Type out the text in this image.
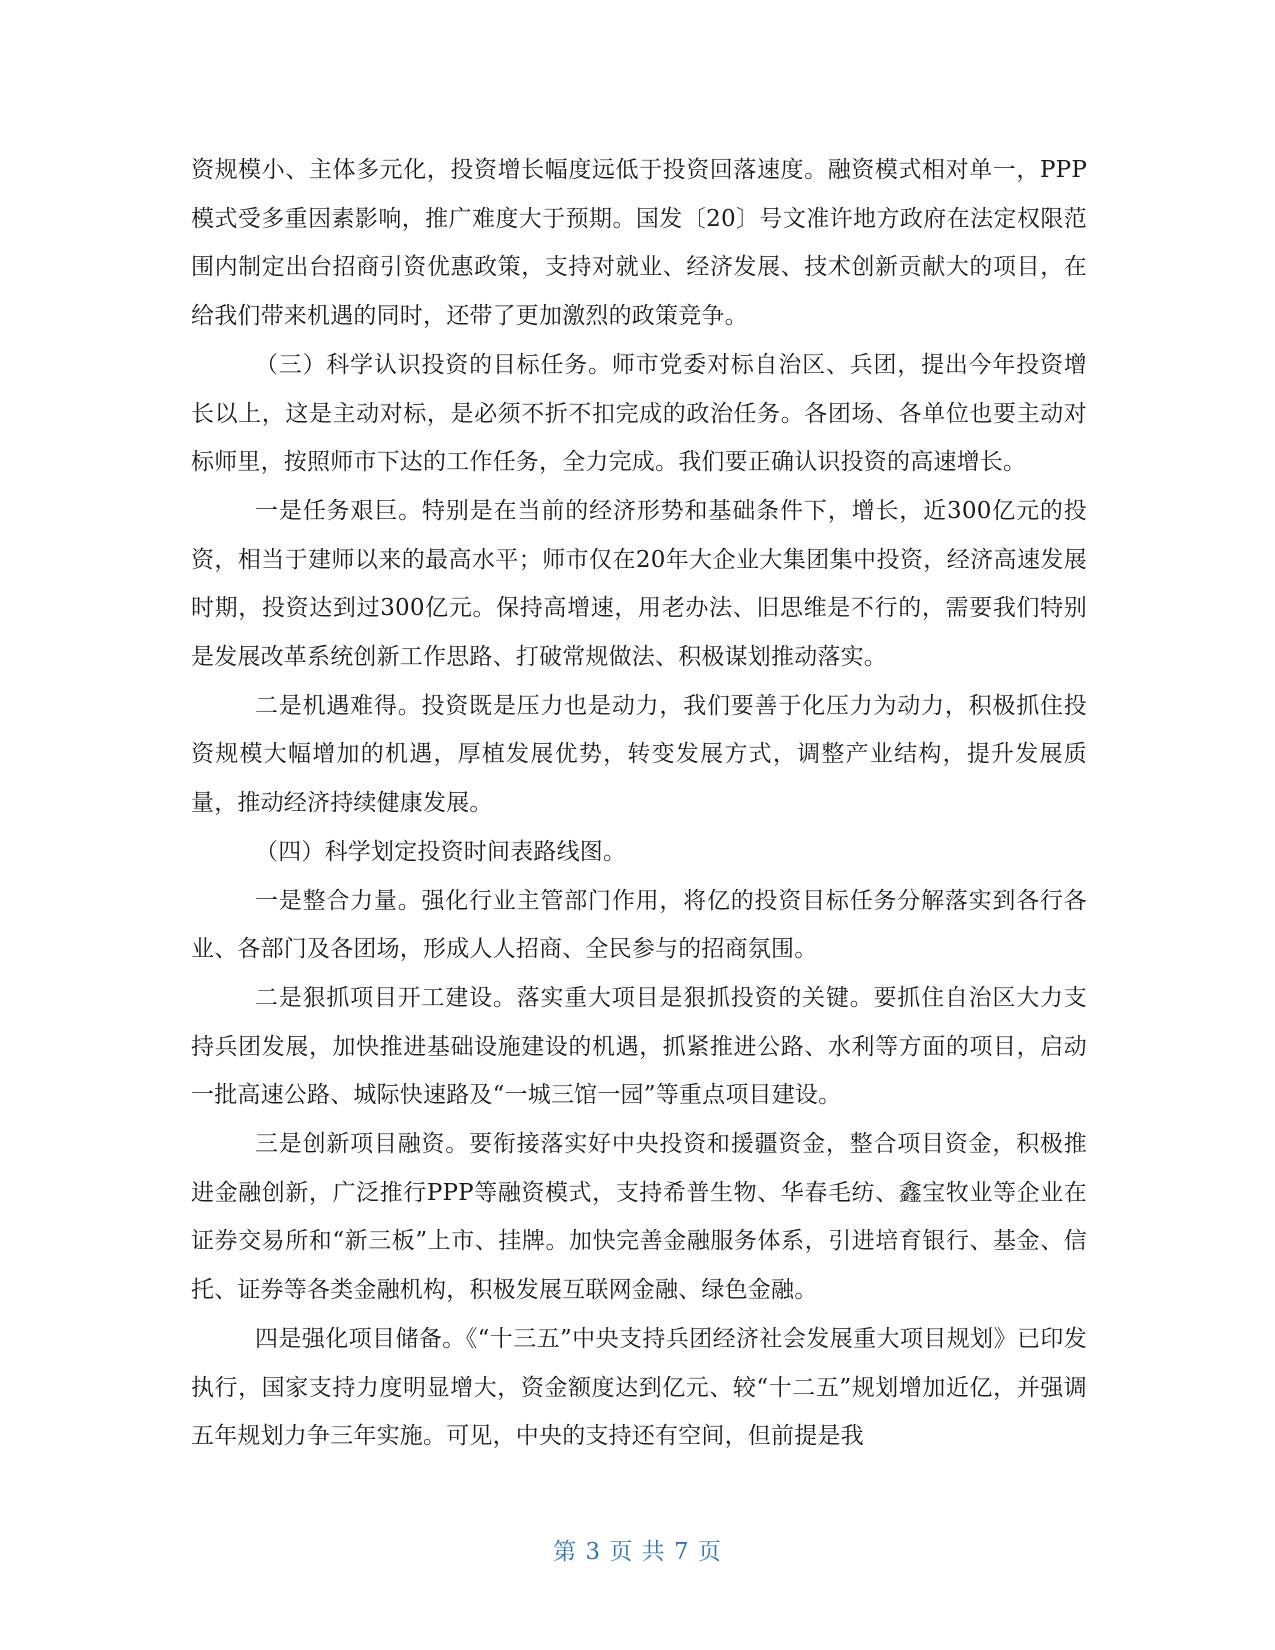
资规模小、主体多元化，投资增长幅度远低于投资回落速度。融资模式相对单一，PPP模式受多重因素影响，推广难度大于预期。国发〔20〕号文准许地方政府在法定权限范围内制定出台招商引资优惠政策，支持对就业、经济发展、技术创新贡献大的项目，在给我们带来机遇的同时，还带了更加激烈的政策竞争。

（三）科学认识投资的目标任务。师市党委对标自治区、兵团，提出今年投资增长以上，这是主动对标，是必须不折不扣完成的政治任务。各团场、各单位也要主动对标师里，按照师市下达的工作任务，全力完成。我们要正确认识投资的高速增长。

一是任务艰巨。特别是在当前的经济形势和基础条件下，增长，近300亿元的投资，相当于建师以来的最高水平；师市仅在20年大企业大集团集中投资，经济高速发展时期，投资达到过300亿元。保持高增速，用老办法、旧思维是不行的，需要我们特别是发展改革系统创新工作思路、打破常规做法、积极谋划推动落实。

二是机遇难得。投资既是压力也是动力，我们要善于化压力为动力，积极抓住投资规模大幅增加的机遇，厚植发展优势，转变发展方式，调整产业结构，提升发展质量，推动经济持续健康发展。

（四）科学划定投资时间表路线图。

一是整合力量。强化行业主管部门作用，将亿的投资目标任务分解落实到各行各业、各部门及各团场，形成人人招商、全民参与的招商氛围。

二是狠抓项目开工建设。落实重大项目是狠抓投资的关键。要抓住自治区大力支持兵团发展，加快推进基础设施建设的机遇，抓紧推进公路、水利等方面的项目，启动一批高速公路、城际快速路及“一城三馆一园”等重点项目建设。

三是创新项目融资。要衔接落实好中央投资和援疆资金，整合项目资金，积极推进金融创新，广泛推行PPP等融资模式，支持希普生物、华春毛纺、鑫宝牧业等企业在证券交易所和“新三板”上市、挂牌。加快完善金融服务体系，引进培育银行、基金、信托、证券等各类金融机构，积极发展互联网金融、绿色金融。

四是强化项目储备。《“十三五”中央支持兵团经济社会发展重大项目规划》已印发执行，国家支持力度明显增大，资金额度达到亿元、较“十二五”规划增加近亿，并强调五年规划力争三年实施。可见，中央的支持还有空间，但前提是我

第 3 页 共 7 页
